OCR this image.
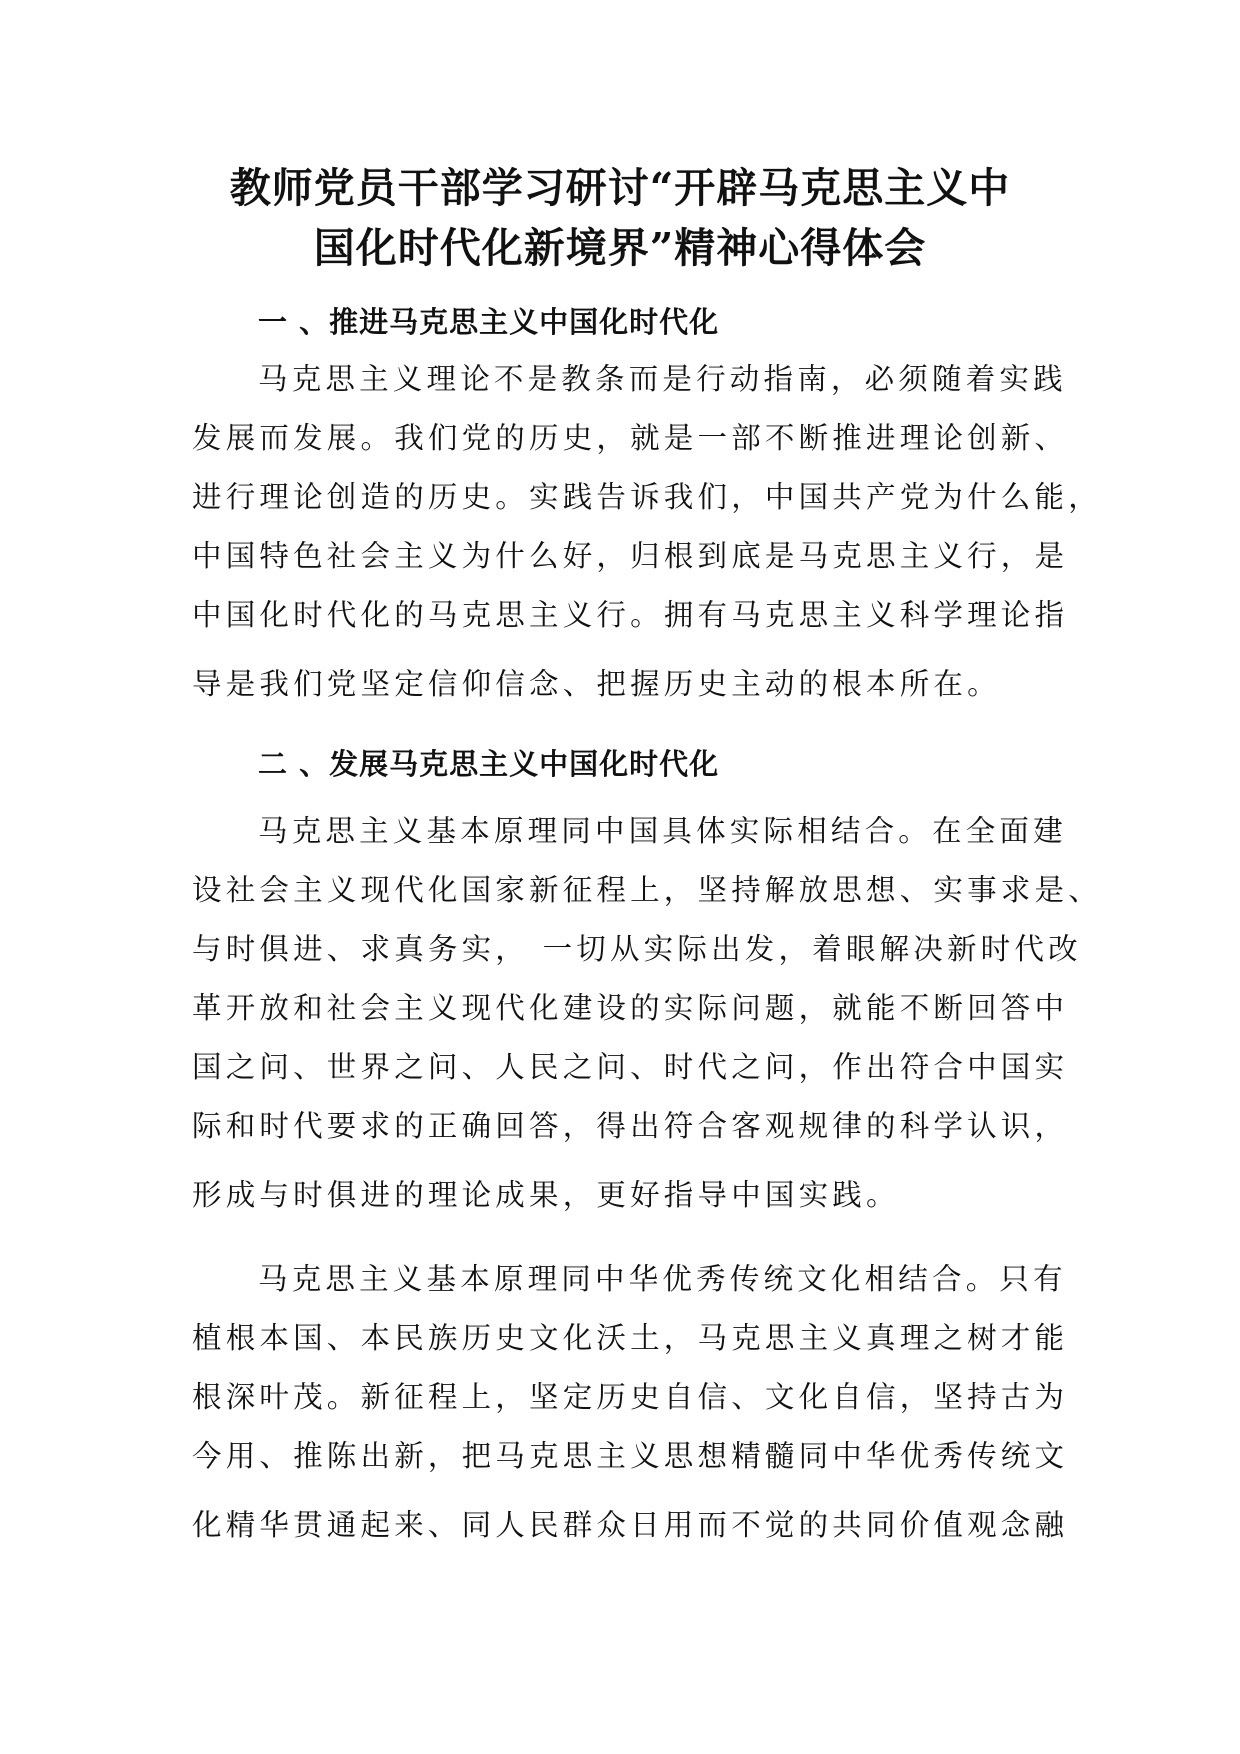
教师党员干部学习研讨“开辟马克思主义中
国化时代化新境界”精神心得体会
一 、推进马克思主义中国化时代化
马克思主义理论不是教条而是行动指南，必须随着实践
发展而发展。我们党的历史，就是一部不断推进理论创新、
进行理论创造的历史。实践告诉我们，中国共产党为什么能，
中国特色社会主义为什么好，归根到底是马克思主义行，是
中国化时代化的马克思主义行。拥有马克思主义科学理论指
导是我们党坚定信仰信念、把握历史主动的根本所在。
二 、发展马克思主义中国化时代化
马克思主义基本原理同中国具体实际相结合。在全面建
设社会主义现代化国家新征程上，坚持解放思想、实事求是、
与时俱进、求真务实， 一切从实际出发，着眼解决新时代改
革开放和社会主义现代化建设的实际问题，就能不断回答中
国之问、世界之问、人民之问、时代之问，作出符合中国实
际和时代要求的正确回答，得出符合客观规律的科学认识，
形成与时俱进的理论成果，更好指导中国实践。
马克思主义基本原理同中华优秀传统文化相结合。只有
植根本国、本民族历史文化沃土，马克思主义真理之树才能
根深叶茂。新征程上，坚定历史自信、文化自信，坚持古为
今用、推陈出新，把马克思主义思想精髓同中华优秀传统文
化精华贯通起来、同人民群众日用而不觉的共同价值观念融
